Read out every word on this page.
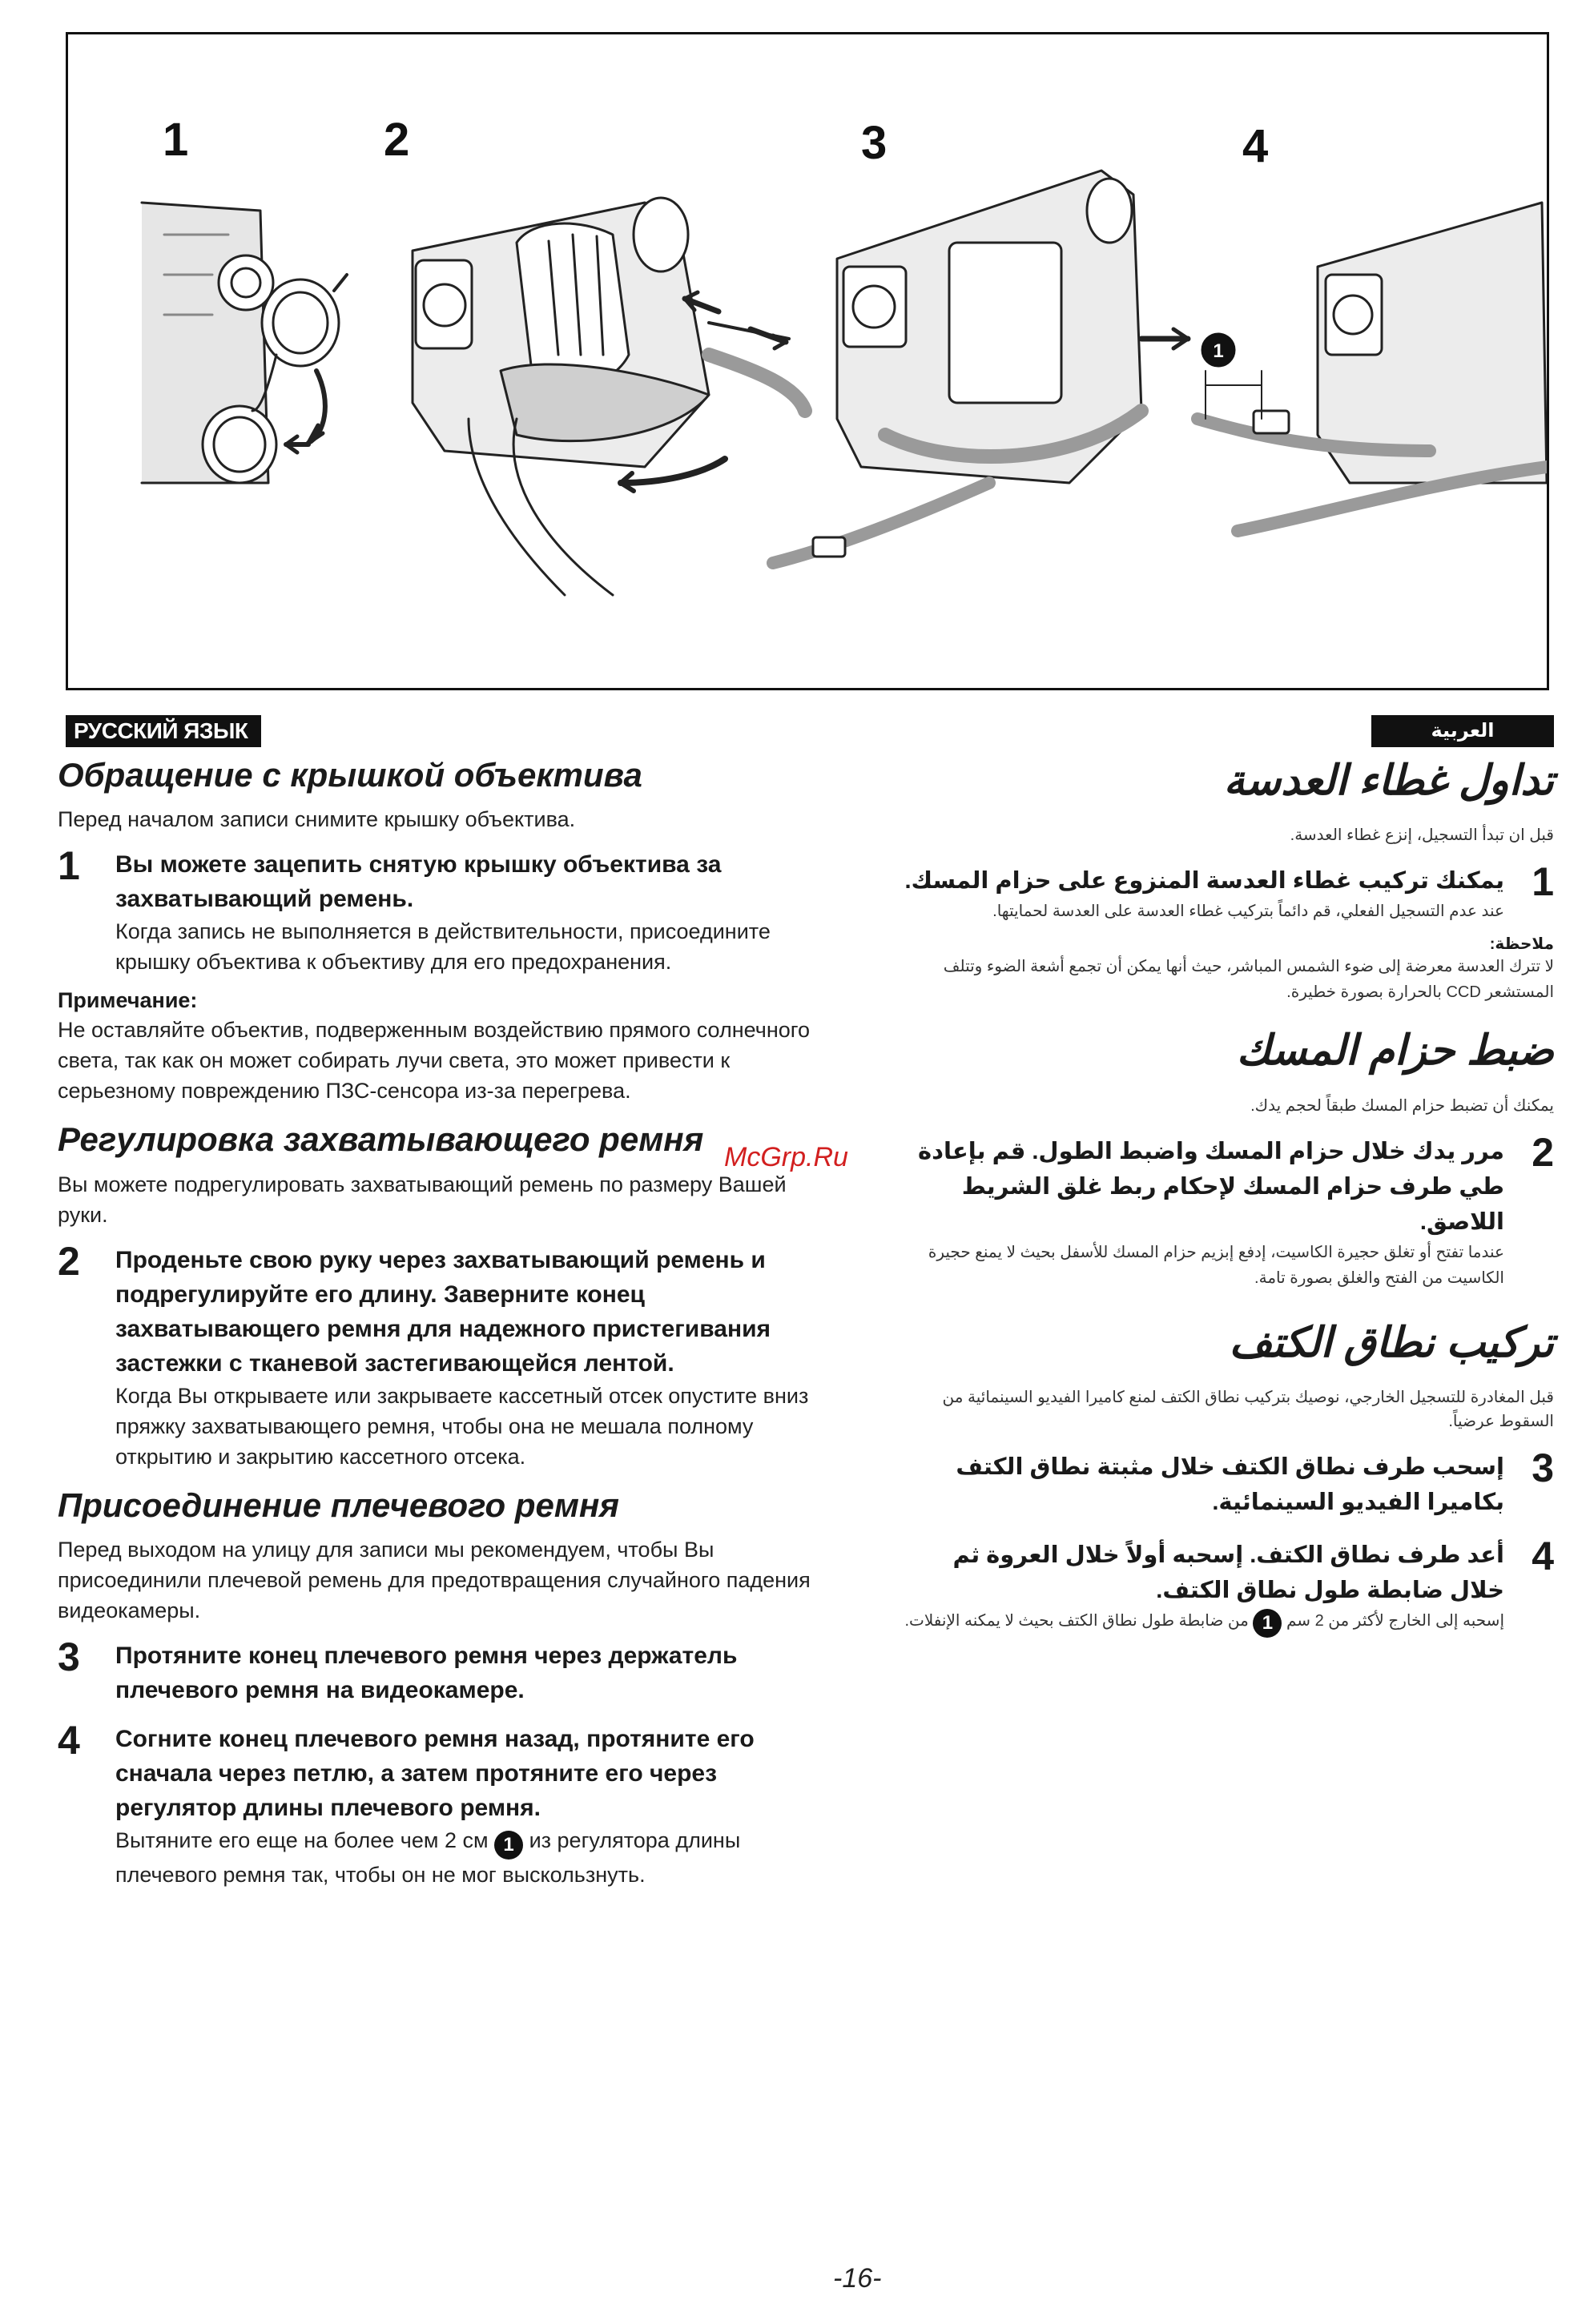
1	2	3	4
1
РУССКИЙ ЯЗЫК	العربية
Обращение с крышкой объектива

Перед началом записи снимите крышку объектива.

1 Вы можете зацепить снятую крышку объектива за захватывающий ремень.
Когда запись не выполняется в действительности, присоедините крышку объектива к объективу для его предохранения.
Примечание:
Не оставляйте объектив, подверженным воздействию прямого солнечного света, так как он может собирать лучи света, это может привести к серьезному повреждению ПЗС-сенсора из-за перегрева.
Регулировка захватывающего ремня

Вы можете подрегулировать захватывающий ремень по размеру Вашей руки.

2 Проденьте свою руку через захватывающий ремень и подрегулируйте его длину. Заверните конец захватывающего ремня для надежного пристегивания застежки с тканевой застегивающейся лентой.
Когда Вы открываете или закрываете кассетный отсек опустите вниз пряжку захватывающего ремня, чтобы она не мешала полному открытию и закрытию кассетного отсека.
Присоединение плечевого ремня

Перед выходом на улицу для записи мы рекомендуем, чтобы Вы присоединили плечевой ремень для предотвращения случайного падения видеокамеры.

3 Протяните конец плечевого ремня через держатель плечевого ремня на видеокамере.
4 Согните конец плечевого ремня назад, протяните его сначала через петлю, а затем протяните его через регулятор длины плечевого ремня.
Вытяните его еще на более чем 2 см 1 из регулятора длины плечевого ремня так, чтобы он не мог выскользнуть.
تداول غطاء العدسة

قبل ان تبدأ التسجيل، إنزع غطاء العدسة.

1
يمكنك تركيب غطاء العدسة المنزوع على حزام المسك.
عند عدم التسجيل الفعلي، قم دائماً بتركيب غطاء العدسة على العدسة لحمايتها.
ملاحظة:
لا تترك العدسة معرضة إلى ضوء الشمس المباشر، حيث أنها يمكن أن تجمع أشعة الضوء وتتلف المستشعر CCD بالحرارة بصورة خطيرة.
ضبط حزام المسك

يمكنك أن تضبط حزام المسك طبقاً لحجم يدك.

2
مرر يدك خلال حزام المسك واضبط الطول. قم بإعادة طي طرف حزام المسك لإحكام ربط غلق الشريط اللاصق.
عندما تفتح أو تغلق حجيرة الكاسيت، إدفع إبزيم حزام المسك للأسفل بحيث لا يمنع حجيرة الكاسيت من الفتح والغلق بصورة تامة.
تركيب نطاق الكتف

قبل المغادرة للتسجيل الخارجي، نوصيك بتركيب نطاق الكتف لمنع كاميرا الفيديو السينمائية من السقوط عرضياً.

3
إسحب طرف نطاق الكتف خلال مثبتة نطاق الكتف بكاميرا الفيديو السينمائية.
4
أعد طرف نطاق الكتف. إسحبه أولاً خلال العروة ثم خلال ضابطة طول نطاق الكتف.
إسحبه إلى الخارج لأكثر من 2 سم 1 من ضابطة طول نطاق الكتف بحيث لا يمكنه الإنفلات.
McGrp.Ru
-16-
